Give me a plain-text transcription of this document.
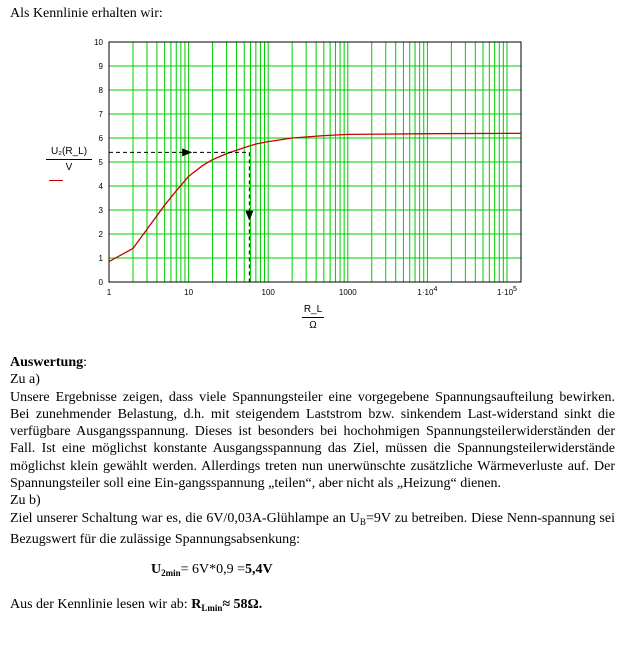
Als Kennlinie erhalten wir:

0
1
2
3
4
5
6
7
8
9
10
1	10	100	1000	1·104	1·105
$\frac{\text{U₂(R\_L)}}{V}$
$\frac{R\_L}{\Omega}$

Auswertung:

Zu a)

Unsere Ergebnisse zeigen, dass viele Spannungsteiler eine vorgegebene Spannungsaufteilung bewirken. Bei zunehmender Belastung, d.h. mit steigendem Laststrom bzw. sinkendem Last-widerstand sinkt die verfügbare Ausgangsspannung. Dieses ist besonders bei hochohmigen Spannungsteilerwiderständen der Fall. Ist eine möglichst konstante Ausgangsspannung das Ziel, müssen die Spannungsteilerwiderstände möglichst klein gewählt werden. Allerdings treten nun unerwünschte zusätzliche Wärmeverluste auf. Der Spannungsteiler soll eine Ein-gangsspannung „teilen“, aber nicht als „Heizung“ dienen.

Zu b)

Ziel unserer Schaltung war es, die 6V/0,03A-Glühlampe an $U_B=9V$ zu betreiben. Diese Nenn-spannung sei Bezugswert für die zulässige Spannungsabsenkung:

$U_{2min}= 6V*0,9 =5,4V$

Aus der Kennlinie lesen wir ab: $R_{Lmin}\approx 58\Omega$.
